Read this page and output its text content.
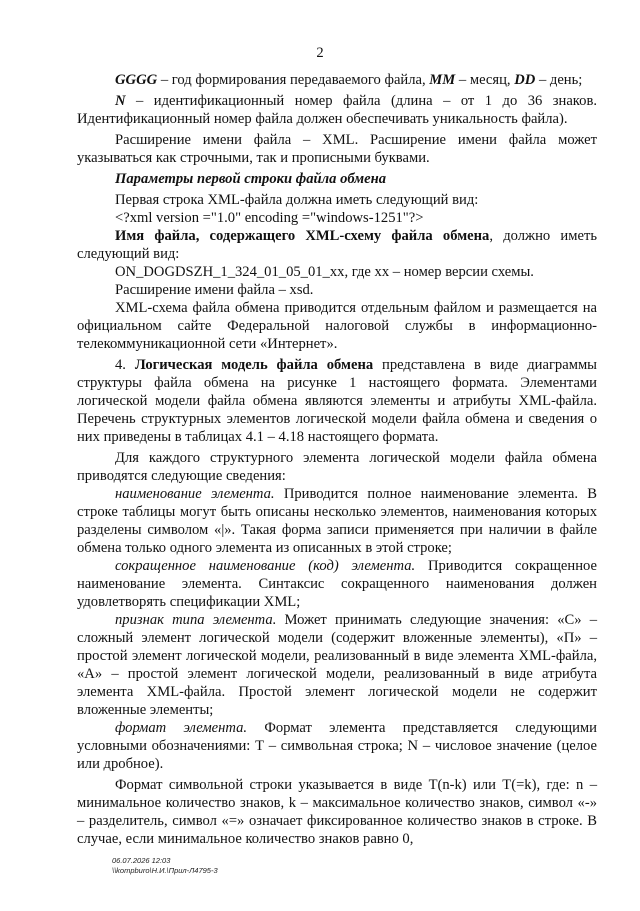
2

GGGG – год формирования передаваемого файла, MM – месяц, DD – день;

N – идентификационный номер файла (длина – от 1 до 36 знаков. Идентификационный номер файла должен обеспечивать уникальность файла).

Расширение имени файла – XML. Расширение имени файла может указываться как строчными, так и прописными буквами.

Параметры первой строки файла обмена

Первая строка XML-файла должна иметь следующий вид:

<?xml version ="1.0" encoding ="windows-1251"?>

Имя файла, содержащего XML-схему файла обмена, должно иметь следующий вид:

ON_DOGDSZH_1_324_01_05_01_xx, где xx – номер версии схемы.

Расширение имени файла – xsd.

XML-схема файла обмена приводится отдельным файлом и размещается на официальном сайте Федеральной налоговой службы в информационно-телекоммуникационной сети «Интернет».

4. Логическая модель файла обмена представлена в виде диаграммы структуры файла обмена на рисунке 1 настоящего формата. Элементами логической модели файла обмена являются элементы и атрибуты XML-файла. Перечень структурных элементов логической модели файла обмена и сведения о них приведены в таблицах 4.1 – 4.18 настоящего формата.

Для каждого структурного элемента логической модели файла обмена приводятся следующие сведения:

наименование элемента. Приводится полное наименование элемента. В строке таблицы могут быть описаны несколько элементов, наименования которых разделены символом «|». Такая форма записи применяется при наличии в файле обмена только одного элемента из описанных в этой строке;

сокращенное наименование (код) элемента. Приводится сокращенное наименование элемента. Синтаксис сокращенного наименования должен удовлетворять спецификации XML;

признак типа элемента. Может принимать следующие значения: «С» – сложный элемент логической модели (содержит вложенные элементы), «П» – простой элемент логической модели, реализованный в виде элемента XML-файла, «А» – простой элемент логической модели, реализованный в виде атрибута элемента XML-файла. Простой элемент логической модели не содержит вложенные элементы;

формат элемента. Формат элемента представляется следующими условными обозначениями: Т – символьная строка; N – числовое значение (целое или дробное).

Формат символьной строки указывается в виде Т(n-k) или Т(=k), где: n – минимальное количество знаков, k – максимальное количество знаков, символ «-» – разделитель, символ «=» означает фиксированное количество знаков в строке. В случае, если минимальное количество знаков равно 0,

06.07.2026 12:03
\\kompburo\Н.И.\Прил-Л4795-3
